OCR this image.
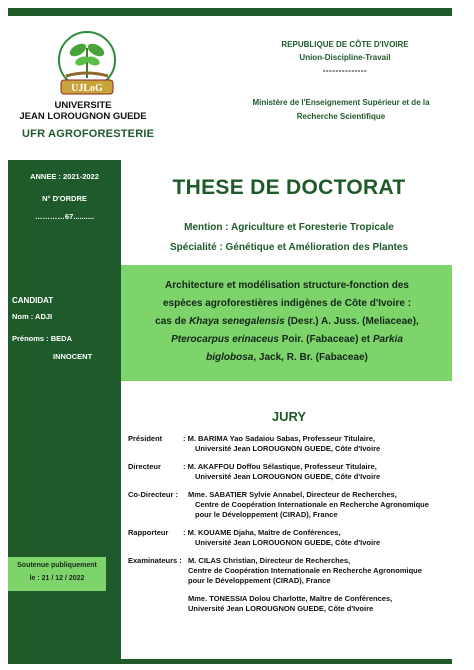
UJLoG
UNIVERSITE
JEAN LOROUGNON GUEDE
UFR AGROFORESTERIE
REPUBLIQUE DE CÔTE D'IVOIRE
Union-Discipline-Travail
--------------
Ministère de l'Enseignement Supérieur et de la
Recherche Scientifique
ANNEE : 2021-2022
N° D'ORDRE
…………67..........
CANDIDAT
Nom : ADJI
Prénoms : BEDA
INNOCENT
Soutenue publiquement
le : 21 / 12 / 2022
THESE DE DOCTORAT
Mention : Agriculture et Foresterie Tropicale
Spécialité : Génétique et Amélioration des Plantes
Architecture et modélisation structure-fonction des
espèces agroforestières indigènes de Côte d'Ivoire :
cas de Khaya senegalensis (Desr.) A. Juss. (Meliaceae),
Pterocarpus erinaceus Poir. (Fabaceae) et Parkia
biglobosa, Jack, R. Br. (Fabaceae)
JURY
Président	: M. BARIMA Yao Sadaiou Sabas, Professeur Titulaire,
Université Jean LOROUGNON GUEDE, Côte d'Ivoire
Directeur	: M. AKAFFOU Doffou Sélastique, Professeur Titulaire,
Université Jean LOROUGNON GUEDE, Côte d'Ivoire
Co-Directeur : Mme. SABATIER Sylvie Annabel, Directeur de Recherches,
Centre de Coopération Internationale en Recherche Agronomique
pour le Développement (CIRAD), France
Rapporteur : M. KOUAME Djaha, Maître de Conférences,
Université Jean LOROUGNON GUEDE, Côte d'Ivoire
Examinateurs : M. CILAS Christian, Directeur de Recherches,
Centre de Coopération Internationale en Recherche Agronomique
pour le Développement (CIRAD), France
Mme. TONESSIA Dolou Charlotte, Maître de Conférences,
Université Jean LOROUGNON GUEDE, Côte d'Ivoire
